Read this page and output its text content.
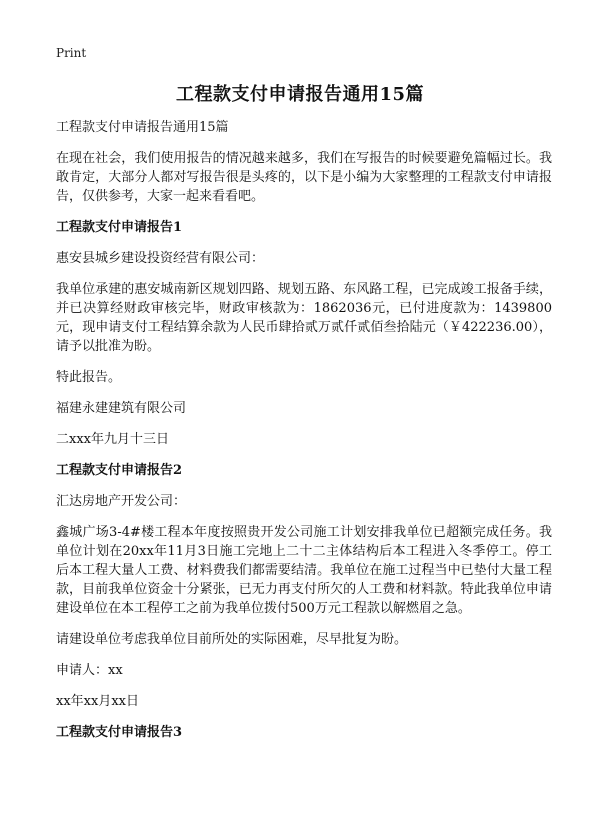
Print
工程款支付申请报告通用15篇

工程款支付申请报告通用15篇

在现在社会，我们使用报告的情况越来越多，我们在写报告的时候要避免篇幅过长。我敢肯定，大部分人都对写报告很是头疼的，以下是小编为大家整理的工程款支付申请报告，仅供参考，大家一起来看看吧。

工程款支付申请报告1

惠安县城乡建设投资经营有限公司：

我单位承建的惠安城南新区规划四路、规划五路、东风路工程，已完成竣工报备手续，并已决算经财政审核完毕，财政审核款为：1862036元，已付进度款为：1439800元，现申请支付工程结算余款为人民币肆拾贰万贰仟贰佰叁拾陆元（￥422236.00），请予以批准为盼。

特此报告。

福建永建建筑有限公司

二xxx年九月十三日

工程款支付申请报告2

汇达房地产开发公司：

鑫城广场3-4#楼工程本年度按照贵开发公司施工计划安排我单位已超额完成任务。我单位计划在20xx年11月3日施工完地上二十二主体结构后本工程进入冬季停工。停工后本工程大量人工费、材料费我们都需要结清。我单位在施工过程当中已垫付大量工程款，目前我单位资金十分紧张，已无力再支付所欠的人工费和材料款。特此我单位申请建设单位在本工程停工之前为我单位拨付500万元工程款以解燃眉之急。

请建设单位考虑我单位目前所处的实际困难，尽早批复为盼。

申请人：xx

xx年xx月xx日

工程款支付申请报告3
